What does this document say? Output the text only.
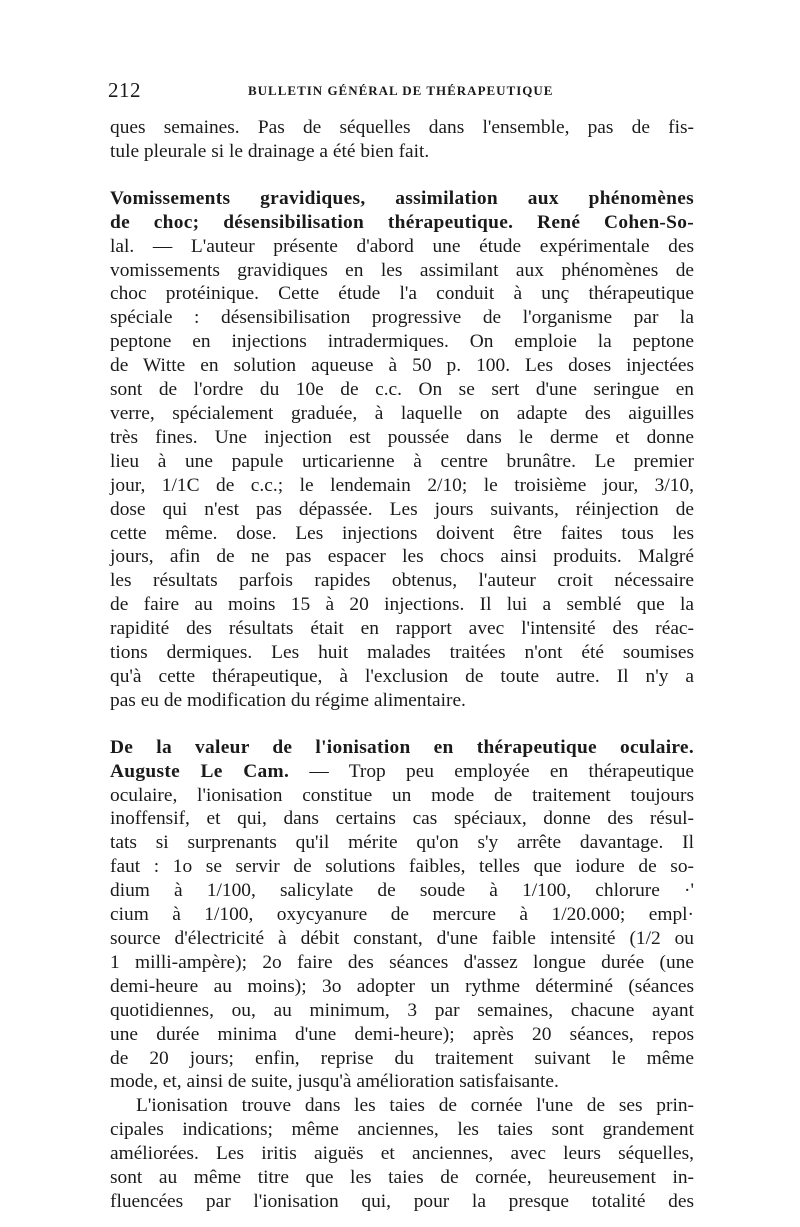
212	BULLETIN GÉNÉRAL DE THÉRAPEUTIQUE
ques semaines. Pas de séquelles dans l'ensemble, pas de fis-
tule pleurale si le drainage a été bien fait.
Vomissements gravidiques, assimilation aux phénomènes
de choc; désensibilisation thérapeutique. René Cohen-So-
lal. — L'auteur présente d'abord une étude expérimentale des
vomissements gravidiques en les assimilant aux phénomènes de
choc protéinique. Cette étude l'a conduit à unç thérapeutique
spéciale : désensibilisation progressive de l'organisme par la
peptone en injections intradermiques. On emploie la peptone
de Witte en solution aqueuse à 50 p. 100. Les doses injectées
sont de l'ordre du 10e de c.c. On se sert d'une seringue en
verre, spécialement graduée, à laquelle on adapte des aiguilles
très fines. Une injection est poussée dans le derme et donne
lieu à une papule urticarienne à centre brunâtre. Le premier
jour, 1/1C de c.c.; le lendemain 2/10; le troisième jour, 3/10,
dose qui n'est pas dépassée. Les jours suivants, réinjection de
cette même. dose. Les injections doivent être faites tous les
jours, afin de ne pas espacer les chocs ainsi produits. Malgré
les résultats parfois rapides obtenus, l'auteur croit nécessaire
de faire au moins 15 à 20 injections. Il lui a semblé que la
rapidité des résultats était en rapport avec l'intensité des réac-
tions dermiques. Les huit malades traitées n'ont été soumises
qu'à cette thérapeutique, à l'exclusion de toute autre. Il n'y a
pas eu de modification du régime alimentaire.
De la valeur de l'ionisation en thérapeutique oculaire.
Auguste Le Cam. — Trop peu employée en thérapeutique
oculaire, l'ionisation constitue un mode de traitement toujours
inoffensif, et qui, dans certains cas spéciaux, donne des résul-
tats si surprenants qu'il mérite qu'on s'y arrête davantage. Il
faut : 1o se servir de solutions faibles, telles que iodure de so-
dium à 1/100, salicylate de soude à 1/100, chlorure ·'
cium à 1/100, oxycyanure de mercure à 1/20.000; empl·
source d'électricité à débit constant, d'une faible intensité (1/2 ou
1 milli-ampère); 2o faire des séances d'assez longue durée (une
demi-heure au moins); 3o adopter un rythme déterminé (séances
quotidiennes, ou, au minimum, 3 par semaines, chacune ayant
une durée minima d'une demi-heure); après 20 séances, repos
de 20 jours; enfin, reprise du traitement suivant le même
mode, et, ainsi de suite, jusqu'à amélioration satisfaisante.
L'ionisation trouve dans les taies de cornée l'une de ses prin-
cipales indications; même anciennes, les taies sont grandement
améliorées. Les iritis aiguës et anciennes, avec leurs séquelles,
sont au même titre que les taies de cornée, heureusement in-
fluencées par l'ionisation qui, pour la presque totalité des
